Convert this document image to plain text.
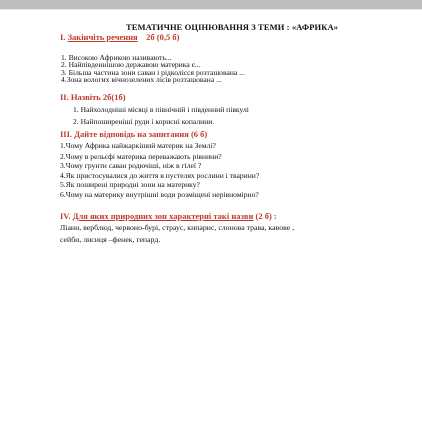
ТЕМАТИЧНЕ ОЦІНЮВАННЯ З ТЕМИ : «АФРИКА»
І. Закінчіть речення 2б (0,5 б)
1. Високою Африкою називають...
2. Найпівденнішою державою материка є...
3. Більша частина зони саван і рідколісся розташована ...
4.Зона вологих вічнозелених лісів розташована ...
ІІ. Назвіть 2б(1б)
1. Найхолодніші місяці в північній і південний півкулі
2. Найпоширеніші руди і корисні копалини.
ІІІ. Дайте відповідь на запитання (6 б)
1.Чому Африка найжаркіший материк на Землі?
2.Чому в рельєфі материка переважають рівнини?
3.Чому грунти саван родючіші, ніж в гілеї ?
4.Як пристосувалися до життя в пустелях рослини і тварини?
5.Як поширені природні зони на материку?
6.Чому на материку внутрішні води розміщені нерівномірно?
ІV. Для яких природних зон характерні такі назви (2 б) :
Ліани, верблюд, червоно-бурі, страус, кипарис, слонова трава, кавове ,
сейби, лисиця –фенек, гепард.
